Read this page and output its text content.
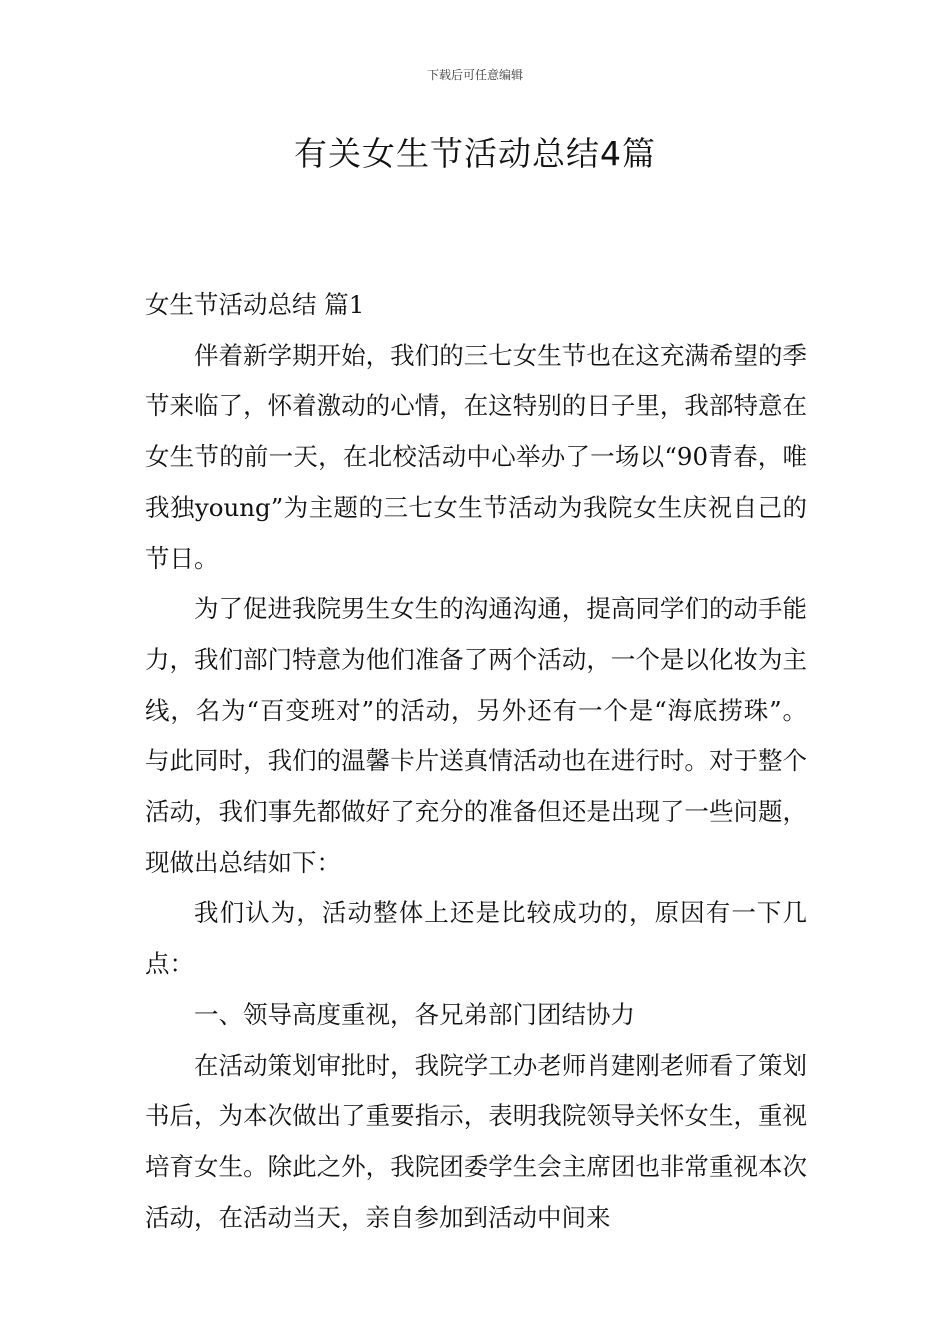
下载后可任意编辑
有关女生节活动总结4篇

女生节活动总结 篇1

伴着新学期开始，我们的三七女生节也在这充满希望的季节来临了，怀着激动的心情，在这特别的日子里，我部特意在女生节的前一天，在北校活动中心举办了一场以“90青春，唯我独young”为主题的三七女生节活动为我院女生庆祝自己的节日。

为了促进我院男生女生的沟通沟通，提高同学们的动手能力，我们部门特意为他们准备了两个活动，一个是以化妆为主线，名为“百变班对”的活动，另外还有一个是“海底捞珠”。与此同时，我们的温馨卡片送真情活动也在进行时。对于整个活动，我们事先都做好了充分的准备但还是出现了一些问题，现做出总结如下：

我们认为，活动整体上还是比较成功的，原因有一下几点：

一、领导高度重视，各兄弟部门团结协力

在活动策划审批时，我院学工办老师肖建刚老师看了策划书后，为本次做出了重要指示，表明我院领导关怀女生，重视培育女生。除此之外，我院团委学生会主席团也非常重视本次活动，在活动当天，亲自参加到活动中间来
